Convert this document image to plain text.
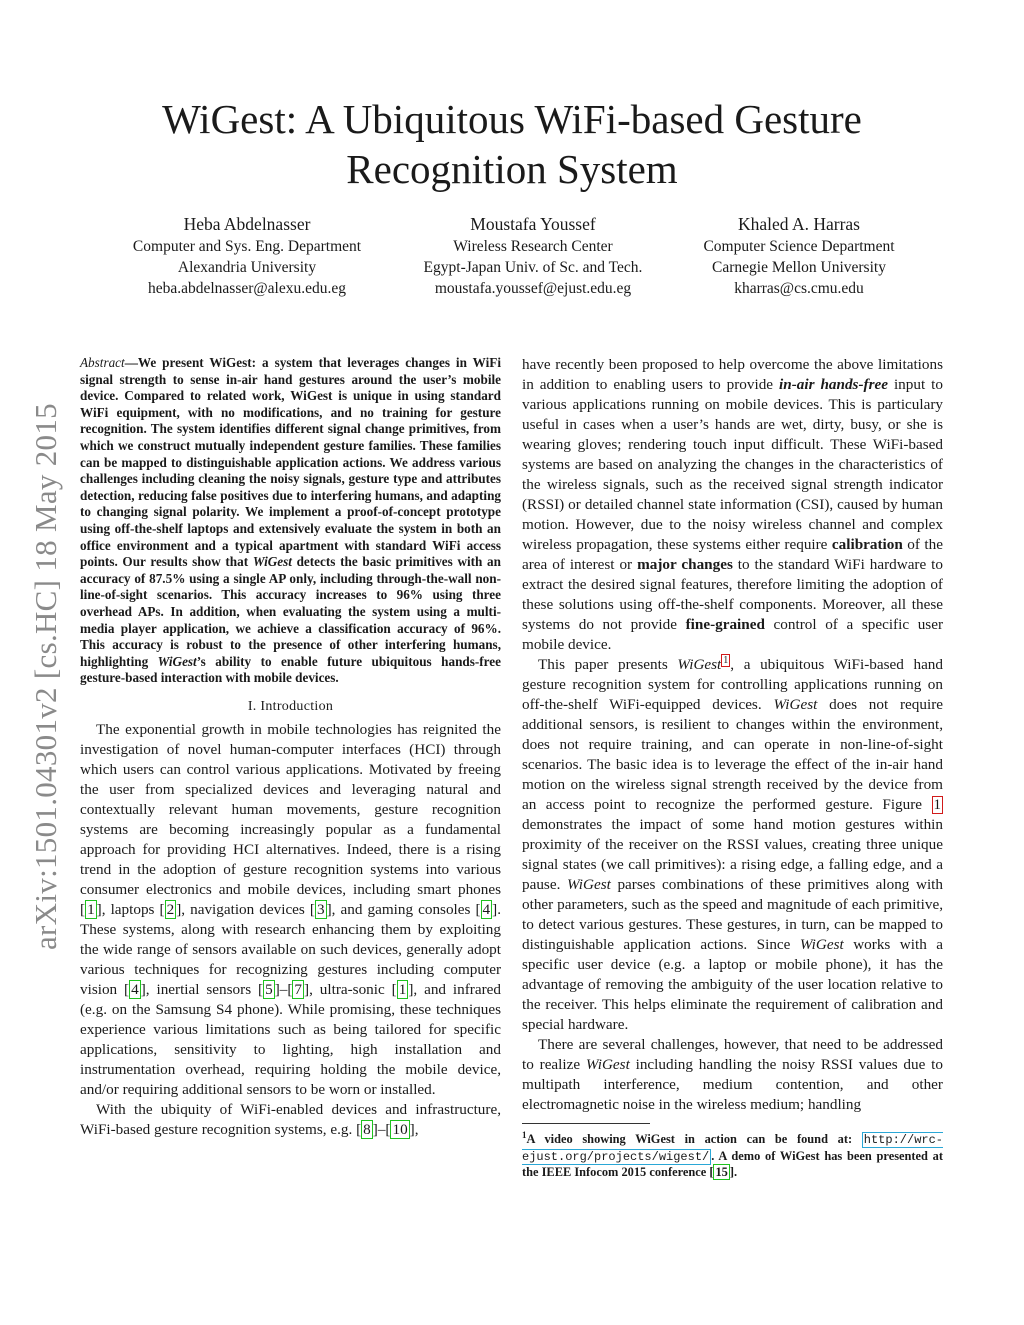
arXiv:1501.04301v2 [cs.HC] 18 May 2015
WiGest: A Ubiquitous WiFi-based Gesture Recognition System
Heba Abdelnasser
Computer and Sys. Eng. Department
Alexandria University
heba.abdelnasser@alexu.edu.eg
Moustafa Youssef
Wireless Research Center
Egypt-Japan Univ. of Sc. and Tech.
moustafa.youssef@ejust.edu.eg
Khaled A. Harras
Computer Science Department
Carnegie Mellon University
kharras@cs.cmu.edu

Abstract—We present WiGest: a system that leverages changes in WiFi signal strength to sense in-air hand gestures around the user’s mobile device. Compared to related work, WiGest is unique in using standard WiFi equipment, with no modifications, and no training for gesture recognition. The system identifies different signal change primitives, from which we construct mutually independent gesture families. These families can be mapped to distinguishable application actions. We address various challenges including cleaning the noisy signals, gesture type and attributes detection, reducing false positives due to interfering humans, and adapting to changing signal polarity. We implement a proof-of-concept prototype using off-the-shelf laptops and extensively evaluate the system in both an office environment and a typical apartment with standard WiFi access points. Our results show that WiGest detects the basic primitives with an accuracy of 87.5% using a single AP only, including through-the-wall non-line-of-sight scenarios. This accuracy increases to 96% using three overhead APs. In addition, when evaluating the system using a multi-media player application, we achieve a classification accuracy of 96%. This accuracy is robust to the presence of other interfering humans, highlighting WiGest’s ability to enable future ubiquitous hands-free gesture-based interaction with mobile devices.

I. Introduction

The exponential growth in mobile technologies has reignited the investigation of novel human-computer interfaces (HCI) through which users can control various applications. Motivated by freeing the user from specialized devices and leveraging natural and contextually relevant human movements, gesture recognition systems are becoming increasingly popular as a fundamental approach for providing HCI alternatives. Indeed, there is a rising trend in the adoption of gesture recognition systems into various consumer electronics and mobile devices, including smart phones [ 1 ], laptops [ 2 ], navigation devices [ 3 ], and gaming consoles [ 4 ]. These systems, along with research enhancing them by exploiting the wide range of sensors available on such devices, generally adopt various techniques for recognizing gestures including computer vision [ 4 ], inertial sensors [ 5 ]–[ 7 ], ultra-sonic [ 1 ], and infrared (e.g. on the Samsung S4 phone). While promising, these techniques experience various limitations such as being tailored for specific applications, sensitivity to lighting, high installation and instrumentation overhead, requiring holding the mobile device, and/or requiring additional sensors to be worn or installed.

With the ubiquity of WiFi-enabled devices and infrastructure, WiFi-based gesture recognition systems, e.g. [ 8 ]–[ 10 ],

have recently been proposed to help overcome the above limitations in addition to enabling users to provide in-air hands-free input to various applications running on mobile devices. This is particulary useful in cases when a user’s hands are wet, dirty, busy, or she is wearing gloves; rendering touch input difficult. These WiFi-based systems are based on analyzing the changes in the characteristics of the wireless signals, such as the received signal strength indicator (RSSI) or detailed channel state information (CSI), caused by human motion. However, due to the noisy wireless channel and complex wireless propagation, these systems either require calibration of the area of interest or major changes to the standard WiFi hardware to extract the desired signal features, therefore limiting the adoption of these solutions using off-the-shelf components. Moreover, all these systems do not provide fine-grained control of a specific user mobile device.

This paper presents WiGest $^1$ , a ubiquitous WiFi-based hand gesture recognition system for controlling applications running on off-the-shelf WiFi-equipped devices. WiGest does not require additional sensors, is resilient to changes within the environment, does not require training, and can operate in non-line-of-sight scenarios. The basic idea is to leverage the effect of the in-air hand motion on the wireless signal strength received by the device from an access point to recognize the performed gesture. Figure 1 demonstrates the impact of some hand motion gestures within proximity of the receiver on the RSSI values, creating three unique signal states (we call primitives): a rising edge, a falling edge, and a pause. WiGest parses combinations of these primitives along with other parameters, such as the speed and magnitude of each primitive, to detect various gestures. These gestures, in turn, can be mapped to distinguishable application actions. Since WiGest works with a specific user device (e.g. a laptop or mobile phone), it has the advantage of removing the ambiguity of the user location relative to the receiver. This helps eliminate the requirement of calibration and special hardware.

There are several challenges, however, that need to be addressed to realize WiGest including handling the noisy RSSI values due to multipath interference, medium contention, and other electromagnetic noise in the wireless medium; handling

$^1$A video showing WiGest in action can be found at: http://wrc-ejust.org/projects/wigest/ . A demo of WiGest has been presented at the IEEE Infocom 2015 conference [ 15 ].
